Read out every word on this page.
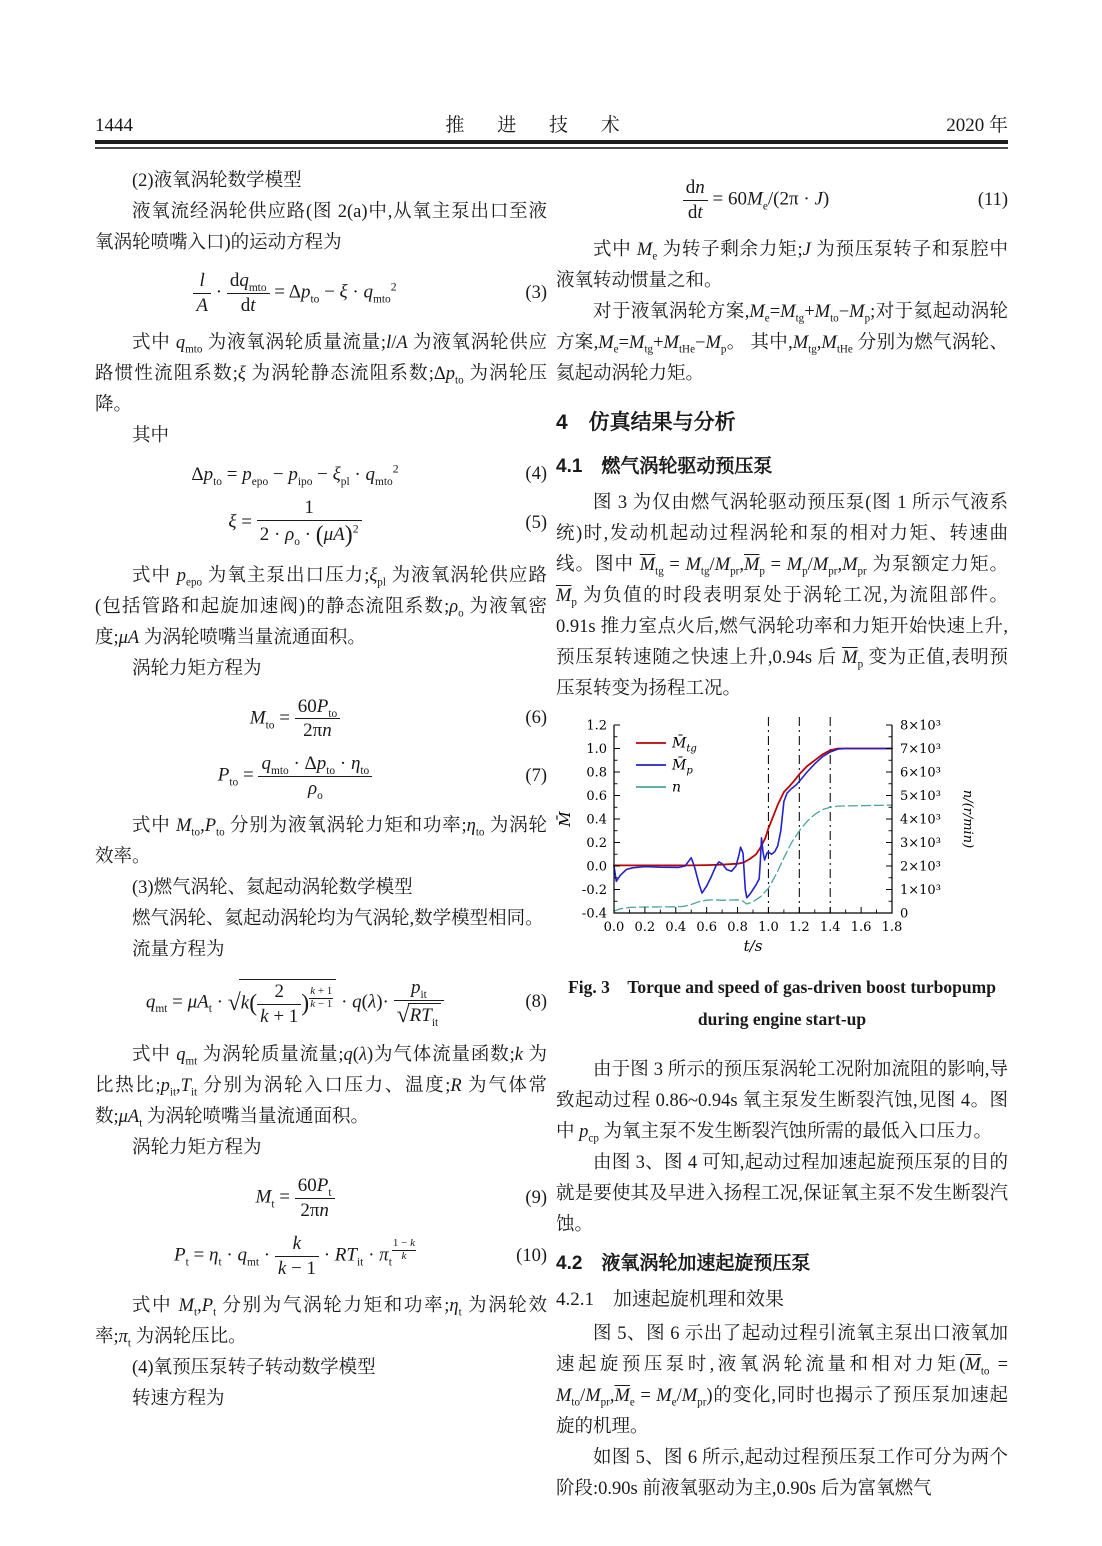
1444	推 进 技 术	2020 年

(2)液氧涡轮数学模型

液氧流经涡轮供应路(图 2(a)中,从氧主泵出口至液氧涡轮喷嘴入口)的运动方程为

$\frac{l}{A} \cdot \frac{dq_{mto}}{dt} = \Delta p_{to} - \xi \cdot q_{mto}^2$	(3)

式中 $q_{mto}$ 为液氧涡轮质量流量;l/A 为液氧涡轮供应路惯性流阻系数;ξ 为涡轮静态流阻系数$;\Delta p_{to}$ 为涡轮压降。

其中

$\Delta p_{to} = p_{epo} - p_{ipo} - \xi_{pl} \cdot q_{mto}^2$	(4)
$\xi = \frac{1}{2 \cdot \rho_o \cdot (\mu A)^2}$	(5)

式中 $p_{epo}$ 为氧主泵出口压力$;\xi_{pl}$ 为液氧涡轮供应路(包括管路和起旋加速阀)的静态流阻系数$;\rho_o$ 为液氧密度;μA 为涡轮喷嘴当量流通面积。

涡轮力矩方程为

$M_{to} = \frac{60P_{to}}{2\pi n}$	(6)
$P_{to} = \frac{q_{mto} \cdot \Delta p_{to} \cdot \eta_{to}}{\rho_o}$	(7)

式中 $M_{to},P_{to}$ 分别为液氧涡轮力矩和功率$;\eta_{to}$ 为涡轮效率。

(3)燃气涡轮、氦起动涡轮数学模型

燃气涡轮、氦起动涡轮均为气涡轮,数学模型相同。

流量方程为

$q_{mt} = \mu A_t \cdot √k( \frac{2}{k + 1}$ ) $^{\frac{k + 1}{k - 1}} \cdot q(\lambda)\cdot \frac{p_{it}}{√RT_{it}}$	(8)

式中 $q_{mt}$ 为涡轮质量流量;q(λ)为气体流量函数;k 为比热比$;p_{it},T_{it}$ 分别为涡轮入口压力、温度;R 为气体常数$;\mu A_t$ 为涡轮喷嘴当量流通面积。

涡轮力矩方程为

$M_t = \frac{60P_t}{2\pi n}$	(9)
$P_t = \eta_t \cdot q_{mt} \cdot \frac{k}{k - 1} \cdot RT_{it} \cdot \pi_t$ $^{\frac{1 - k}{k}}$	(10)

式中 $M_t,P_t$ 分别为气涡轮力矩和功率$;\eta_t$ 为涡轮效率$;\pi_t$ 为涡轮压比。

(4)氧预压泵转子转动数学模型

转速方程为

$\frac{dn}{dt} = 60M_e/(2\pi \cdot J)$	(11)

式中 $M_e$ 为转子剩余力矩;J 为预压泵转子和泵腔中液氧转动惯量之和。

对于液氧涡轮方案$,M_e=M_{tg}+M_{to}-M_p$;对于氦起动涡轮方案$,M_e=M_{tg}+M_{tHe}-M_p$。 其中$,M_{tg},M_{tHe}$ 分别为燃气涡轮、氦起动涡轮力矩。

4　仿真结果与分析

4.1　燃气涡轮驱动预压泵

图 3 为仅由燃气涡轮驱动预压泵(图 1 所示气液系统)时,发动机起动过程涡轮和泵的相对力矩、转速曲线。图中 $\overline{M}_{tg} = M_{tg}/M_{pr},\overline{M}_p = M_p/M_{pr},M_{pr}$ 为泵额定力矩。$\overline{M}_p$ 为负值的时段表明泵处于涡轮工况,为流阻部件。0.91s 推力室点火后,燃气涡轮功率和力矩开始快速上升,预压泵转速随之快速上升,0.94s 后 $\overline{M}_p$ 变为正值,表明预压泵转变为扬程工况。

1.2
1.0
0.8
0.6
0.4
0.2
0.0
-0.2
-0.4
0.0 0.2 0.4 0.6 0.8 1.0 1.2 1.4 1.6 1.8
8×10³
7×10³
6×10³
5×10³
4×10³
3×10³
2×10³
1×10³
0
M̄	n/(r/min)
t/s
$M̄_{tg}$
$M̄_p$
n

Fig. 3　Torque and speed of gas-driven boost turbopump
during engine start-up

由于图 3 所示的预压泵涡轮工况附加流阻的影响,导致起动过程 0.86~0.94s 氧主泵发生断裂汽蚀,见图 4。图中 $p_{cp}$ 为氧主泵不发生断裂汽蚀所需的最低入口压力。

由图 3、图 4 可知,起动过程加速起旋预压泵的目的就是要使其及早进入扬程工况,保证氧主泵不发生断裂汽蚀。

4.2　液氧涡轮加速起旋预压泵

4.2.1　加速起旋机理和效果

图 5、图 6 示出了起动过程引流氧主泵出口液氧加速起旋预压泵时,液氧涡轮流量和相对力矩$(\overline{M}_{to} = M_{to}/M_{pr},\overline{M}_e = M_e/M_{pr})$的变化,同时也揭示了预压泵加速起旋的机理。

如图 5、图 6 所示,起动过程预压泵工作可分为两个阶段:0.90s 前液氧驱动为主,0.90s 后为富氧燃气
